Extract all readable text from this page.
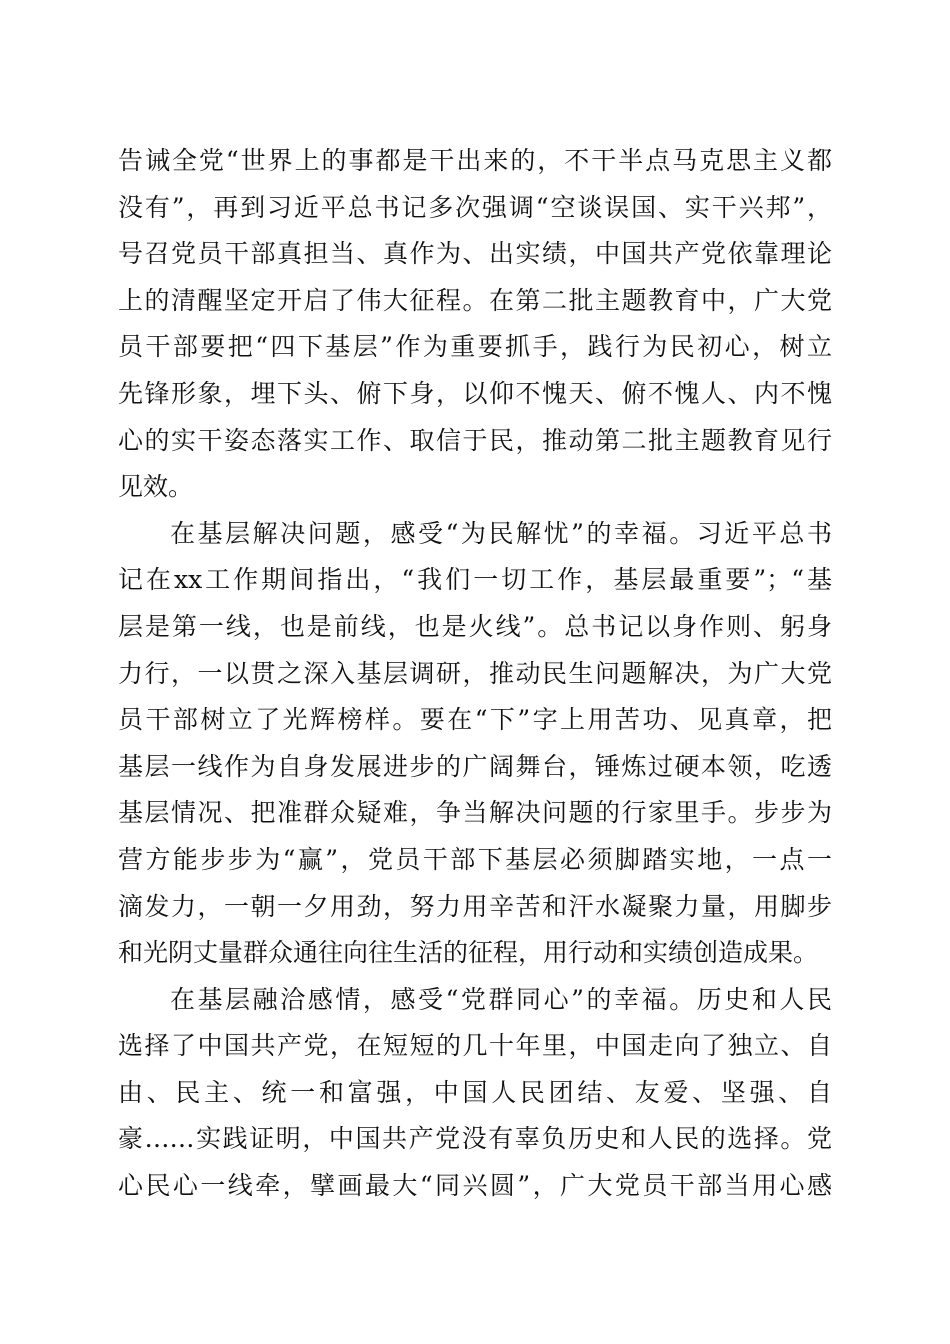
告诫全党“世界上的事都是干出来的，不干半点马克思主义都
没有”，再到习近平总书记多次强调“空谈误国、实干兴邦”，
号召党员干部真担当、真作为、出实绩，中国共产党依靠理论
上的清醒坚定开启了伟大征程。在第二批主题教育中，广大党
员干部要把“四下基层”作为重要抓手，践行为民初心，树立
先锋形象，埋下头、俯下身，以仰不愧天、俯不愧人、内不愧
心的实干姿态落实工作、取信于民，推动第二批主题教育见行
见效。
在基层解决问题，感受“为民解忧”的幸福。习近平总书
记在xx工作期间指出，“我们一切工作，基层最重要”；“基
层是第一线，也是前线，也是火线”。总书记以身作则、躬身
力行，一以贯之深入基层调研，推动民生问题解决，为广大党
员干部树立了光辉榜样。要在“下”字上用苦功、见真章，把
基层一线作为自身发展进步的广阔舞台，锤炼过硬本领，吃透
基层情况、把准群众疑难，争当解决问题的行家里手。步步为
营方能步步为“赢”，党员干部下基层必须脚踏实地，一点一
滴发力，一朝一夕用劲，努力用辛苦和汗水凝聚力量，用脚步
和光阴丈量群众通往向往生活的征程，用行动和实绩创造成果。
在基层融洽感情，感受“党群同心”的幸福。历史和人民
选择了中国共产党，在短短的几十年里，中国走向了独立、自
由、民主、统一和富强，中国人民团结、友爱、坚强、自
豪……实践证明，中国共产党没有辜负历史和人民的选择。党
心民心一线牵，擘画最大“同兴圆”，广大党员干部当用心感
